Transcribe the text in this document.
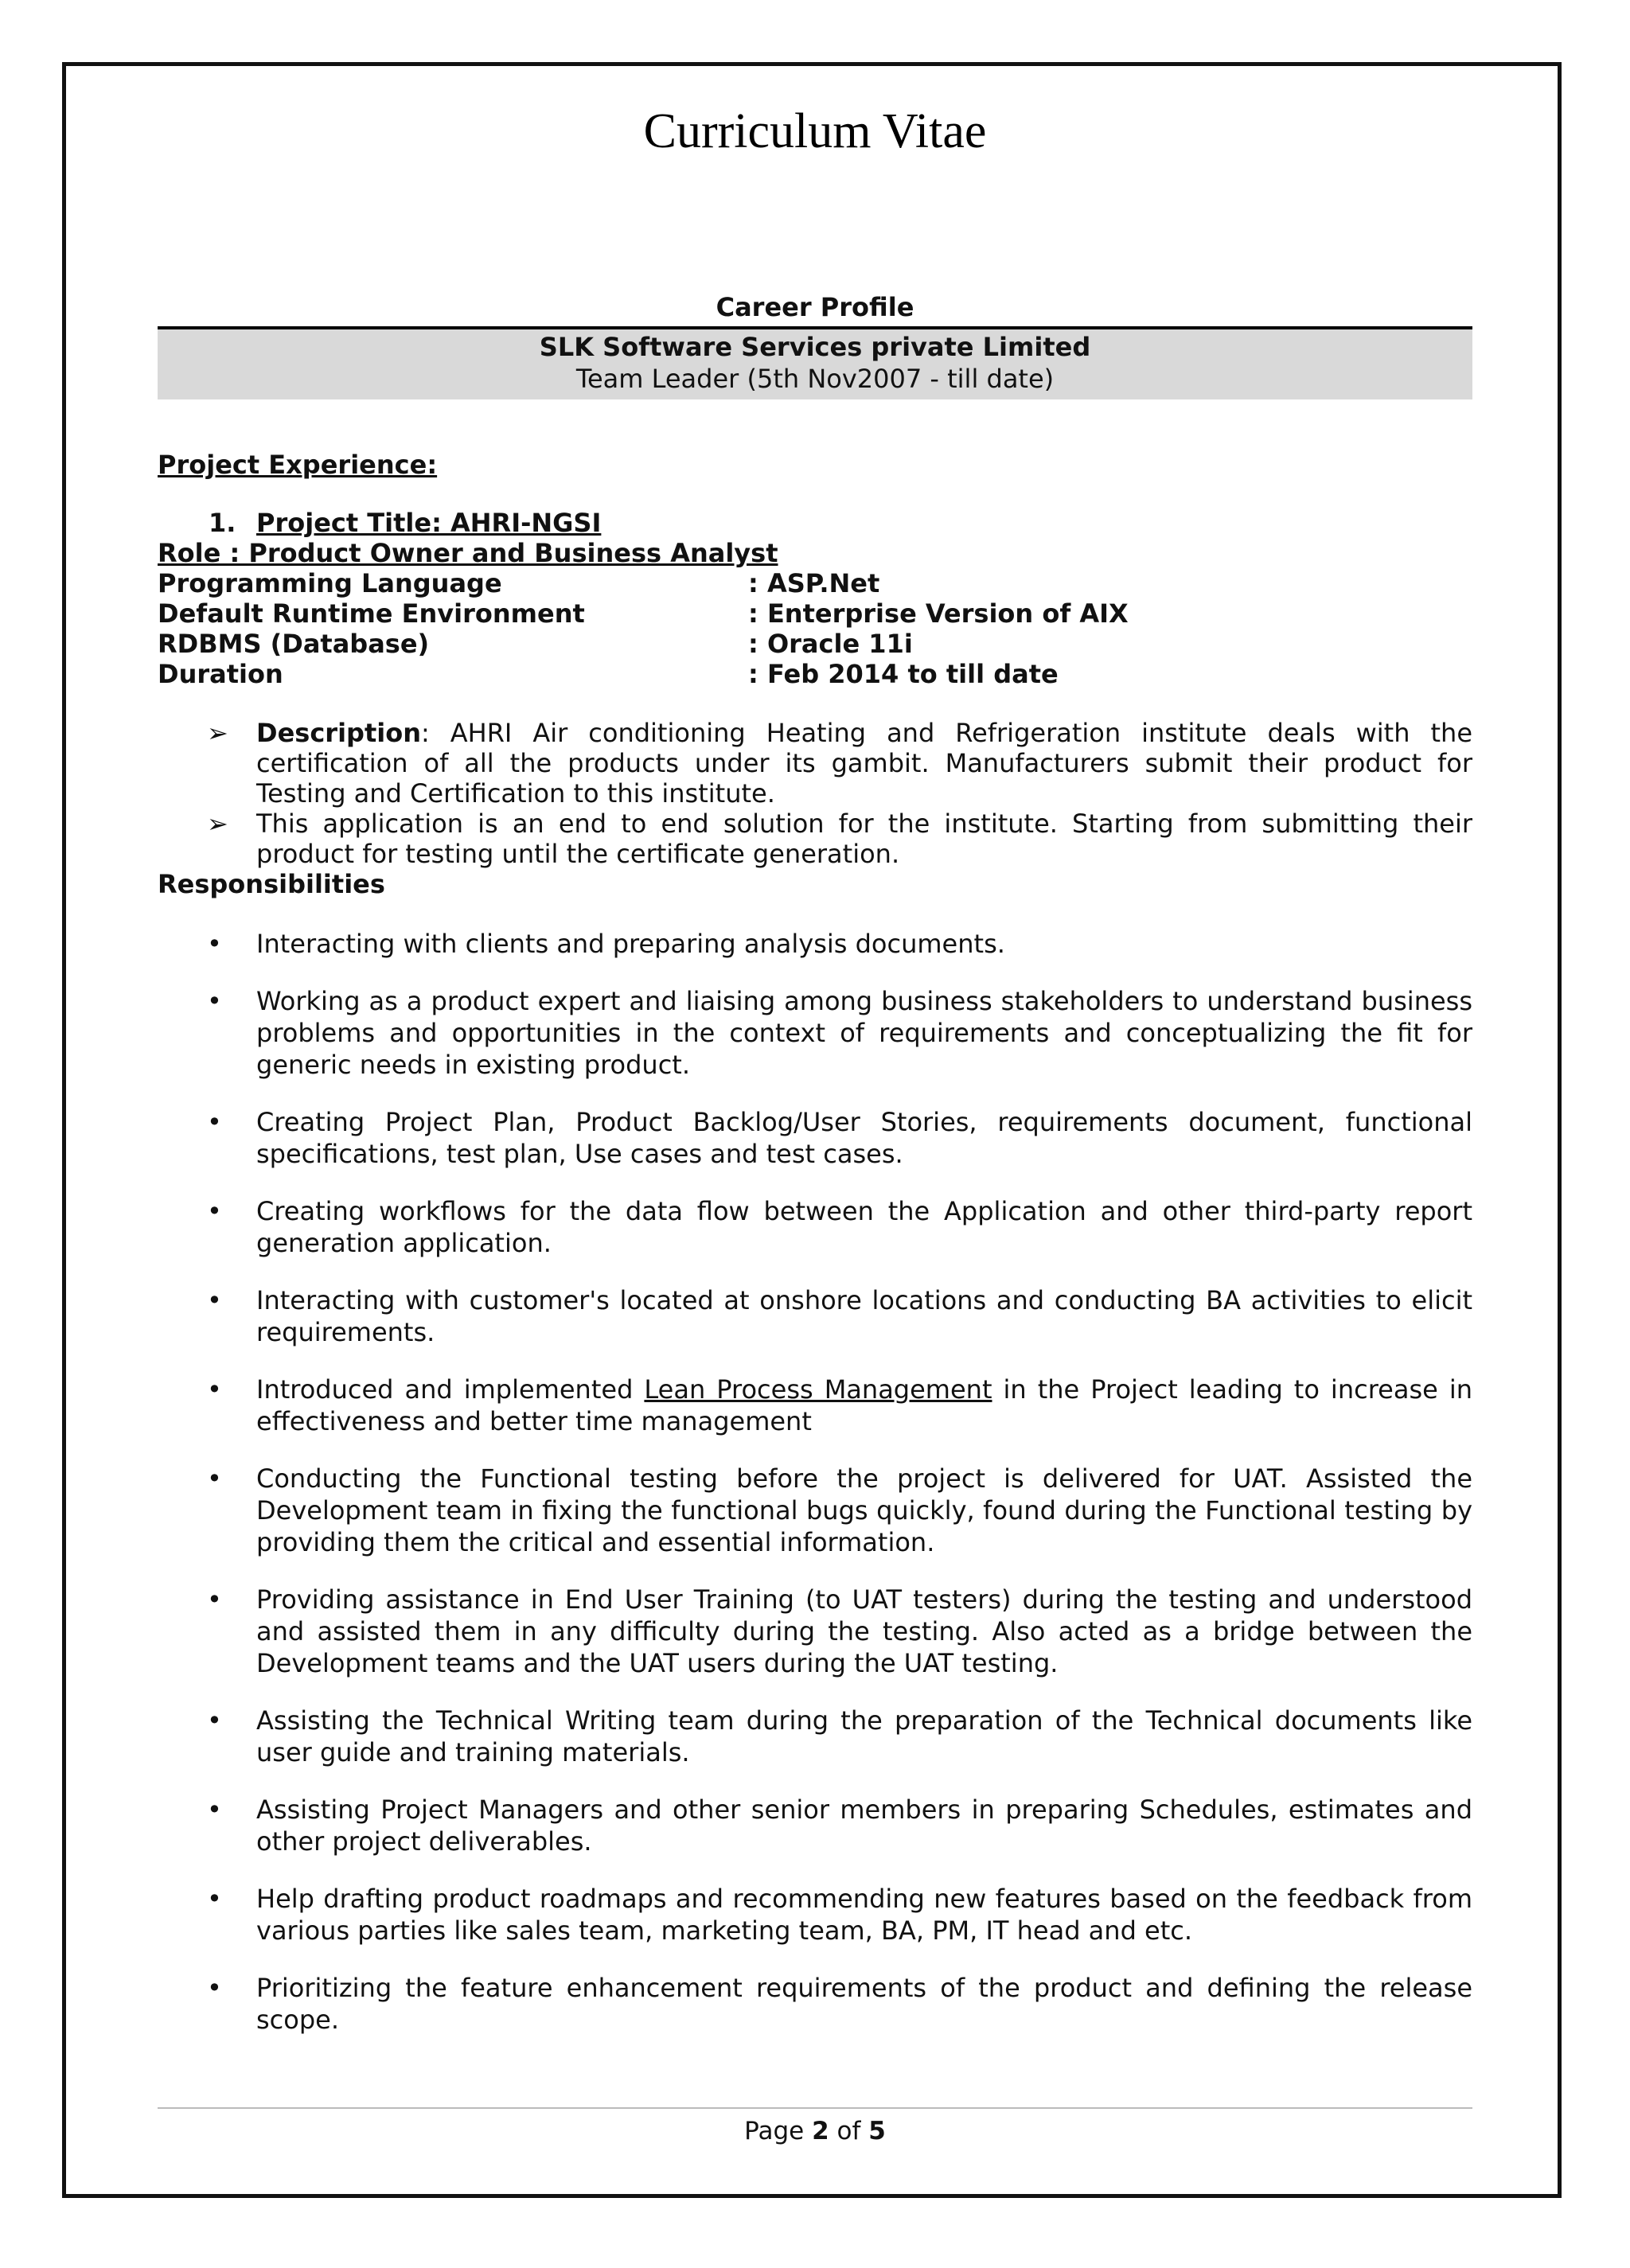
Curriculum Vitae
Career Profile
SLK Software Services private Limited
Team Leader (5th Nov2007 - till date)
Project Experience:
1. Project Title: AHRI-NGSI
Role : Product Owner and Business Analyst
Programming Language	: ASP.Net
Default Runtime Environment	: Enterprise Version of AIX
RDBMS (Database)	: Oracle 11i
Duration	: Feb 2014 to till date
➢ Description: AHRI Air conditioning Heating and Refrigeration institute deals with the certification of all the products under its gambit. Manufacturers submit their product for Testing and Certification to this institute.
➢ This application is an end to end solution for the institute. Starting from submitting their product for testing until the certificate generation.
Responsibilities
• Interacting with clients and preparing analysis documents.
• Working as a product expert and liaising among business stakeholders to understand business problems and opportunities in the context of requirements and conceptualizing the fit for generic needs in existing product.
• Creating Project Plan, Product Backlog/User Stories, requirements document, functional specifications, test plan, Use cases and test cases.
• Creating workflows for the data flow between the Application and other third-party report generation application.
• Interacting with customer's located at onshore locations and conducting BA activities to elicit requirements.
• Introduced and implemented Lean Process Management in the Project leading to increase in effectiveness and better time management
• Conducting the Functional testing before the project is delivered for UAT. Assisted the Development team in fixing the functional bugs quickly, found during the Functional testing by providing them the critical and essential information.
• Providing assistance in End User Training (to UAT testers) during the testing and understood and assisted them in any difficulty during the testing. Also acted as a bridge between the Development teams and the UAT users during the UAT testing.
• Assisting the Technical Writing team during the preparation of the Technical documents like user guide and training materials.
• Assisting Project Managers and other senior members in preparing Schedules, estimates and other project deliverables.
• Help drafting product roadmaps and recommending new features based on the feedback from various parties like sales team, marketing team, BA, PM, IT head and etc.
• Prioritizing the feature enhancement requirements of the product and defining the release scope.
Page 2 of 5
